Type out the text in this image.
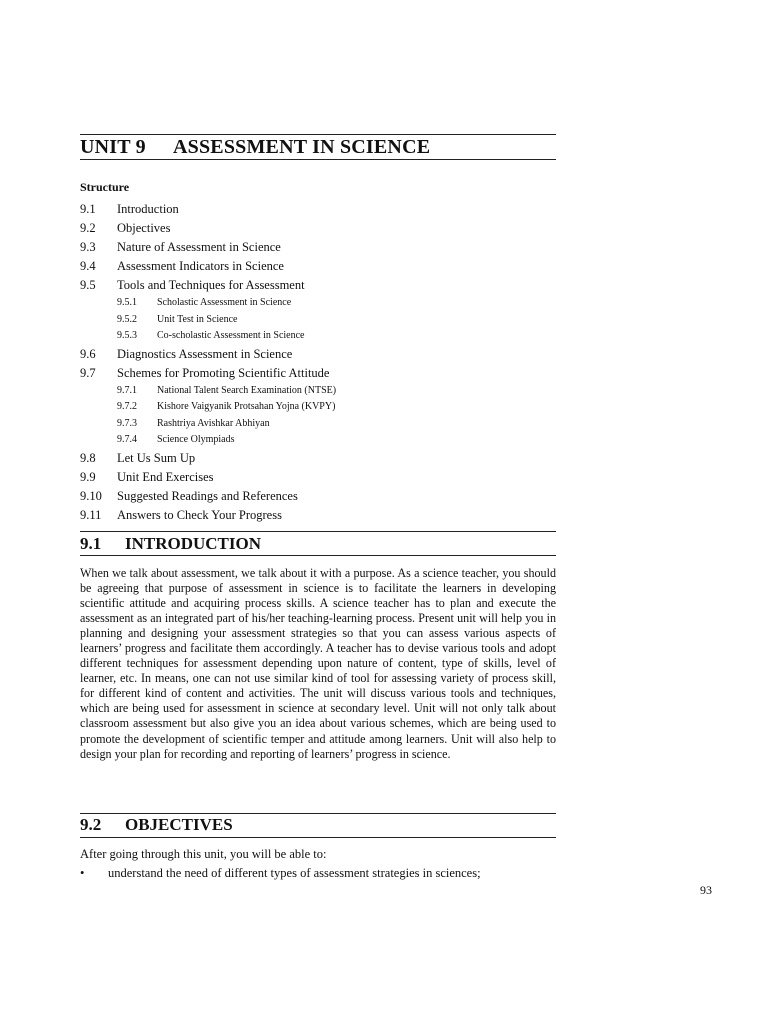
UNIT 9 ASSESSMENT IN SCIENCE
Structure
9.1 Introduction
9.2 Objectives
9.3 Nature of Assessment in Science
9.4 Assessment Indicators in Science
9.5 Tools and Techniques for Assessment
9.5.1 Scholastic Assessment in Science
9.5.2 Unit Test in Science
9.5.3 Co-scholastic Assessment in Science
9.6 Diagnostics Assessment in Science
9.7 Schemes for Promoting Scientific Attitude
9.7.1 National Talent Search Examination (NTSE)
9.7.2 Kishore Vaigyanik Protsahan Yojna (KVPY)
9.7.3 Rashtriya Avishkar Abhiyan
9.7.4 Science Olympiads
9.8 Let Us Sum Up
9.9 Unit End Exercises
9.10 Suggested Readings and References
9.11 Answers to Check Your Progress
9.1 INTRODUCTION

When we talk about assessment, we talk about it with a purpose. As a science teacher, you should be agreeing that purpose of assessment in science is to facilitate the learners in developing scientific attitude and acquiring process skills. A science teacher has to plan and execute the assessment as an integrated part of his/her teaching-learning process. Present unit will help you in planning and designing your assessment strategies so that you can assess various aspects of learners’ progress and facilitate them accordingly. A teacher has to devise various tools and adopt different techniques for assessment depending upon nature of content, type of skills, level of learner, etc. In means, one can not use similar kind of tool for assessing variety of process skill, for different kind of content and activities. The unit will discuss various tools and techniques, which are being used for assessment in science at secondary level. Unit will not only talk about classroom assessment but also give you an idea about various schemes, which are being used to promote the development of scientific temper and attitude among learners. Unit will also help to design your plan for recording and reporting of learners’ progress in science.

9.2 OBJECTIVES
After going through this unit, you will be able to:
• understand the need of different types of assessment strategies in sciences;
93
